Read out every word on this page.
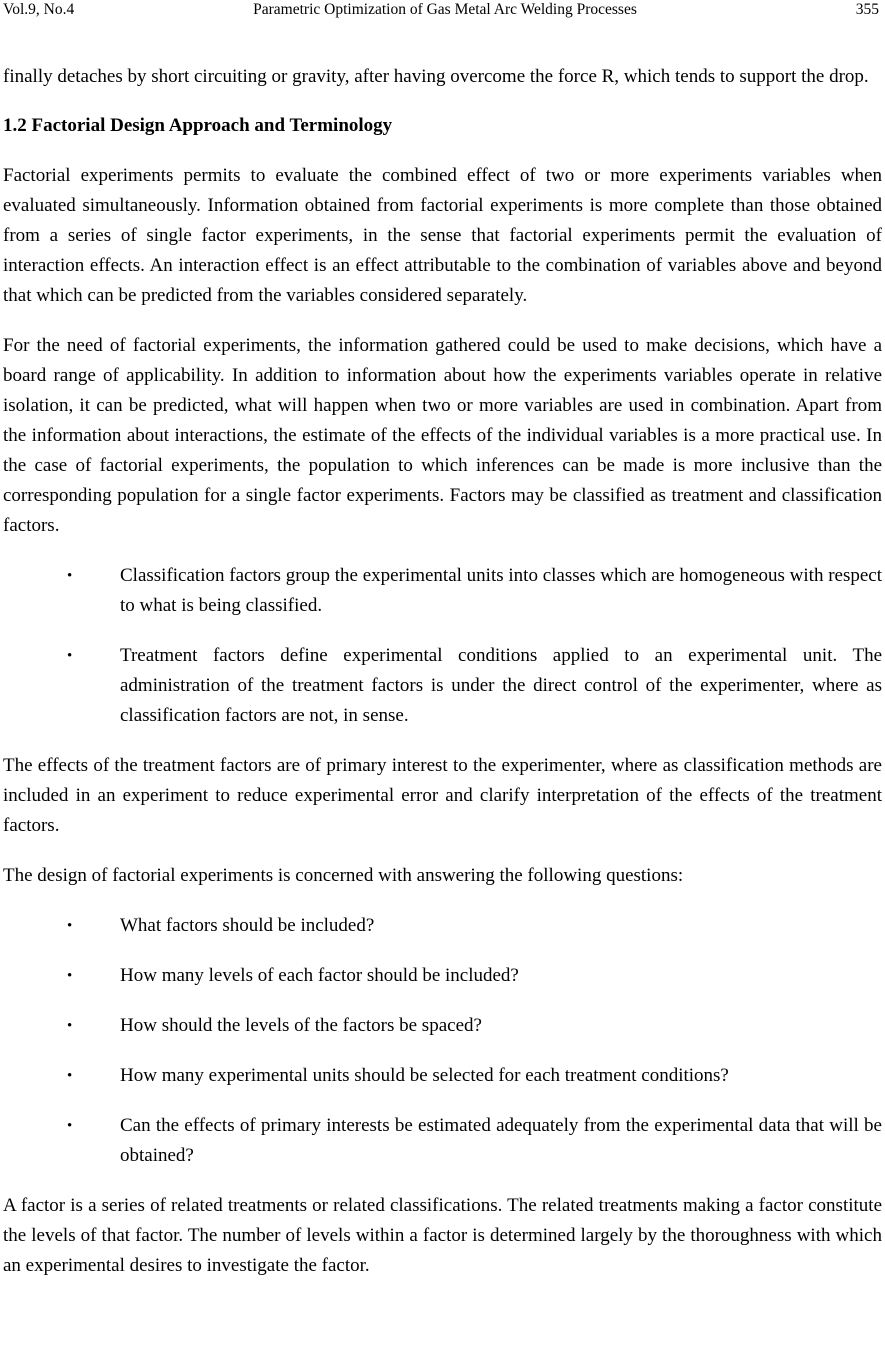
Vol.9, No.4	Parametric Optimization of Gas Metal Arc Welding Processes	355

finally detaches by short circuiting or gravity, after having overcome the force R, which tends to support the drop.

1.2 Factorial Design Approach and Terminology

Factorial experiments permits to evaluate the combined effect of two or more experiments variables when evaluated simultaneously. Information obtained from factorial experiments is more complete than those obtained from a series of single factor experiments, in the sense that factorial experiments permit the evaluation of interaction effects. An interaction effect is an effect attributable to the combination of variables above and beyond that which can be predicted from the variables considered separately.

For the need of factorial experiments, the information gathered could be used to make decisions, which have a board range of applicability. In addition to information about how the experiments variables operate in relative isolation, it can be predicted, what will happen when two or more variables are used in combination. Apart from the information about interactions, the estimate of the effects of the individual variables is a more practical use. In the case of factorial experiments, the population to which inferences can be made is more inclusive than the corresponding population for a single factor experiments. Factors may be classified as treatment and classification factors.

•	Classification factors group the experimental units into classes which are homogeneous with respect to what is being classified.
•	Treatment factors define experimental conditions applied to an experimental unit. The administration of the treatment factors is under the direct control of the experimenter, where as classification factors are not, in sense.

The effects of the treatment factors are of primary interest to the experimenter, where as classification methods are included in an experiment to reduce experimental error and clarify interpretation of the effects of the treatment factors.

The design of factorial experiments is concerned with answering the following questions:

•	What factors should be included?
•	How many levels of each factor should be included?
•	How should the levels of the factors be spaced?
•	How many experimental units should be selected for each treatment conditions?
•	Can the effects of primary interests be estimated adequately from the experimental data that will be obtained?

A factor is a series of related treatments or related classifications. The related treatments making a factor constitute the levels of that factor. The number of levels within a factor is determined largely by the thoroughness with which an experimental desires to investigate the factor.
